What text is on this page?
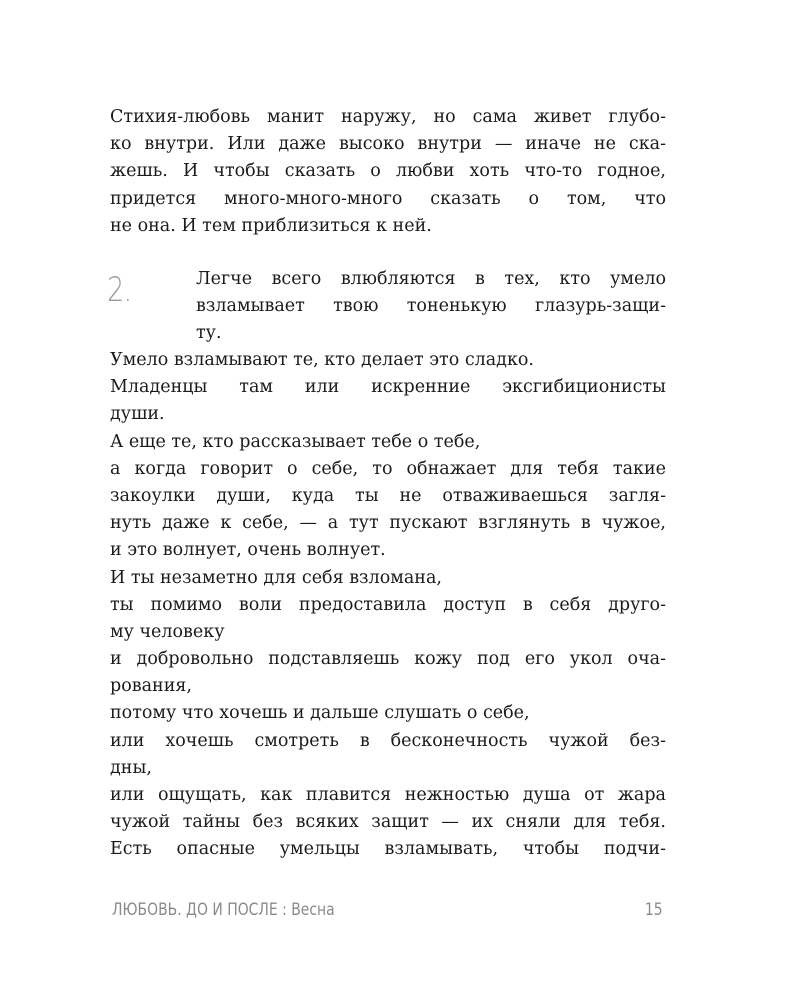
Стихия-любовь манит наружу, но сама живет глубо-
ко внутри. Или даже высоко внутри — иначе не ска-
жешь. И чтобы сказать о любви хоть что-то годное,
придется много-много-много сказать о том, что
не она. И тем приблизиться к ней.
2.	Легче всего влюбляются в тех, кто умело
взламывает твою тоненькую глазурь-защи-
ту.
Умело взламывают те, кто делает это сладко.
Младенцы там или искренние эксгибиционисты
души.
А еще те, кто рассказывает тебе о тебе,
а когда говорит о себе, то обнажает для тебя такие
закоулки души, куда ты не отваживаешься загля-
нуть даже к себе, — а тут пускают взглянуть в чужое,
и это волнует, очень волнует.
И ты незаметно для себя взломана,
ты помимо воли предоставила доступ в себя друго-
му человеку
и добровольно подставляешь кожу под его укол оча-
рования,
потому что хочешь и дальше слушать о себе,
или хочешь смотреть в бесконечность чужой без-
дны,
или ощущать, как плавится нежностью душа от жара
чужой тайны без всяких защит — их сняли для тебя.
Есть опасные умельцы взламывать, чтобы подчи-
ЛЮБОВЬ. ДО И ПОСЛЕ : Весна	15
